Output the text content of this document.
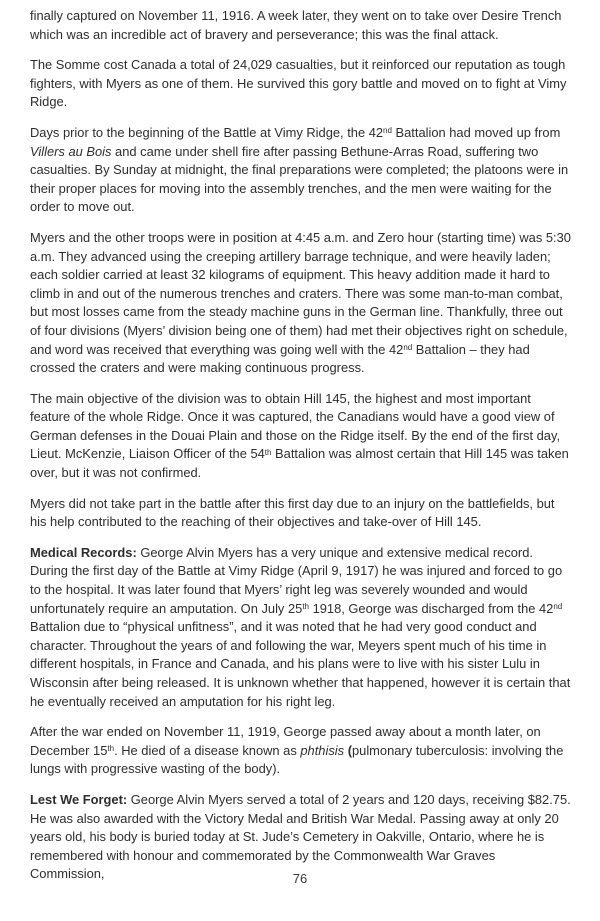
finally captured on November 11, 1916. A week later, they went on to take over Desire Trench which was an incredible act of bravery and perseverance; this was the final attack.

The Somme cost Canada a total of 24,029 casualties, but it reinforced our reputation as tough fighters, with Myers as one of them. He survived this gory battle and moved on to fight at Vimy Ridge.

Days prior to the beginning of the Battle at Vimy Ridge, the 42nd Battalion had moved up from Villers au Bois and came under shell fire after passing Bethune-Arras Road, suffering two casualties. By Sunday at midnight, the final preparations were completed; the platoons were in their proper places for moving into the assembly trenches, and the men were waiting for the order to move out.

Myers and the other troops were in position at 4:45 a.m. and Zero hour (starting time) was 5:30 a.m. They advanced using the creeping artillery barrage technique, and were heavily laden; each soldier carried at least 32 kilograms of equipment. This heavy addition made it hard to climb in and out of the numerous trenches and craters. There was some man-to-man combat, but most losses came from the steady machine guns in the German line. Thankfully, three out of four divisions (Myers’ division being one of them) had met their objectives right on schedule, and word was received that everything was going well with the 42nd Battalion – they had crossed the craters and were making continuous progress.

The main objective of the division was to obtain Hill 145, the highest and most important feature of the whole Ridge. Once it was captured, the Canadians would have a good view of German defenses in the Douai Plain and those on the Ridge itself. By the end of the first day, Lieut. McKenzie, Liaison Officer of the 54th Battalion was almost certain that Hill 145 was taken over, but it was not confirmed.

Myers did not take part in the battle after this first day due to an injury on the battlefields, but his help contributed to the reaching of their objectives and take-over of Hill 145.

Medical Records: George Alvin Myers has a very unique and extensive medical record. During the first day of the Battle at Vimy Ridge (April 9, 1917) he was injured and forced to go to the hospital. It was later found that Myers’ right leg was severely wounded and would unfortunately require an amputation. On July 25th 1918, George was discharged from the 42nd Battalion due to “physical unfitness”, and it was noted that he had very good conduct and character. Throughout the years of and following the war, Meyers spent much of his time in different hospitals, in France and Canada, and his plans were to live with his sister Lulu in Wisconsin after being released. It is unknown whether that happened, however it is certain that he eventually received an amputation for his right leg.

After the war ended on November 11, 1919, George passed away about a month later, on December 15th. He died of a disease known as phthisis (pulmonary tuberculosis: involving the lungs with progressive wasting of the body).

Lest We Forget: George Alvin Myers served a total of 2 years and 120 days, receiving $82.75. He was also awarded with the Victory Medal and British War Medal. Passing away at only 20 years old, his body is buried today at St. Jude’s Cemetery in Oakville, Ontario, where he is remembered with honour and commemorated by the Commonwealth War Graves Commission,	76
